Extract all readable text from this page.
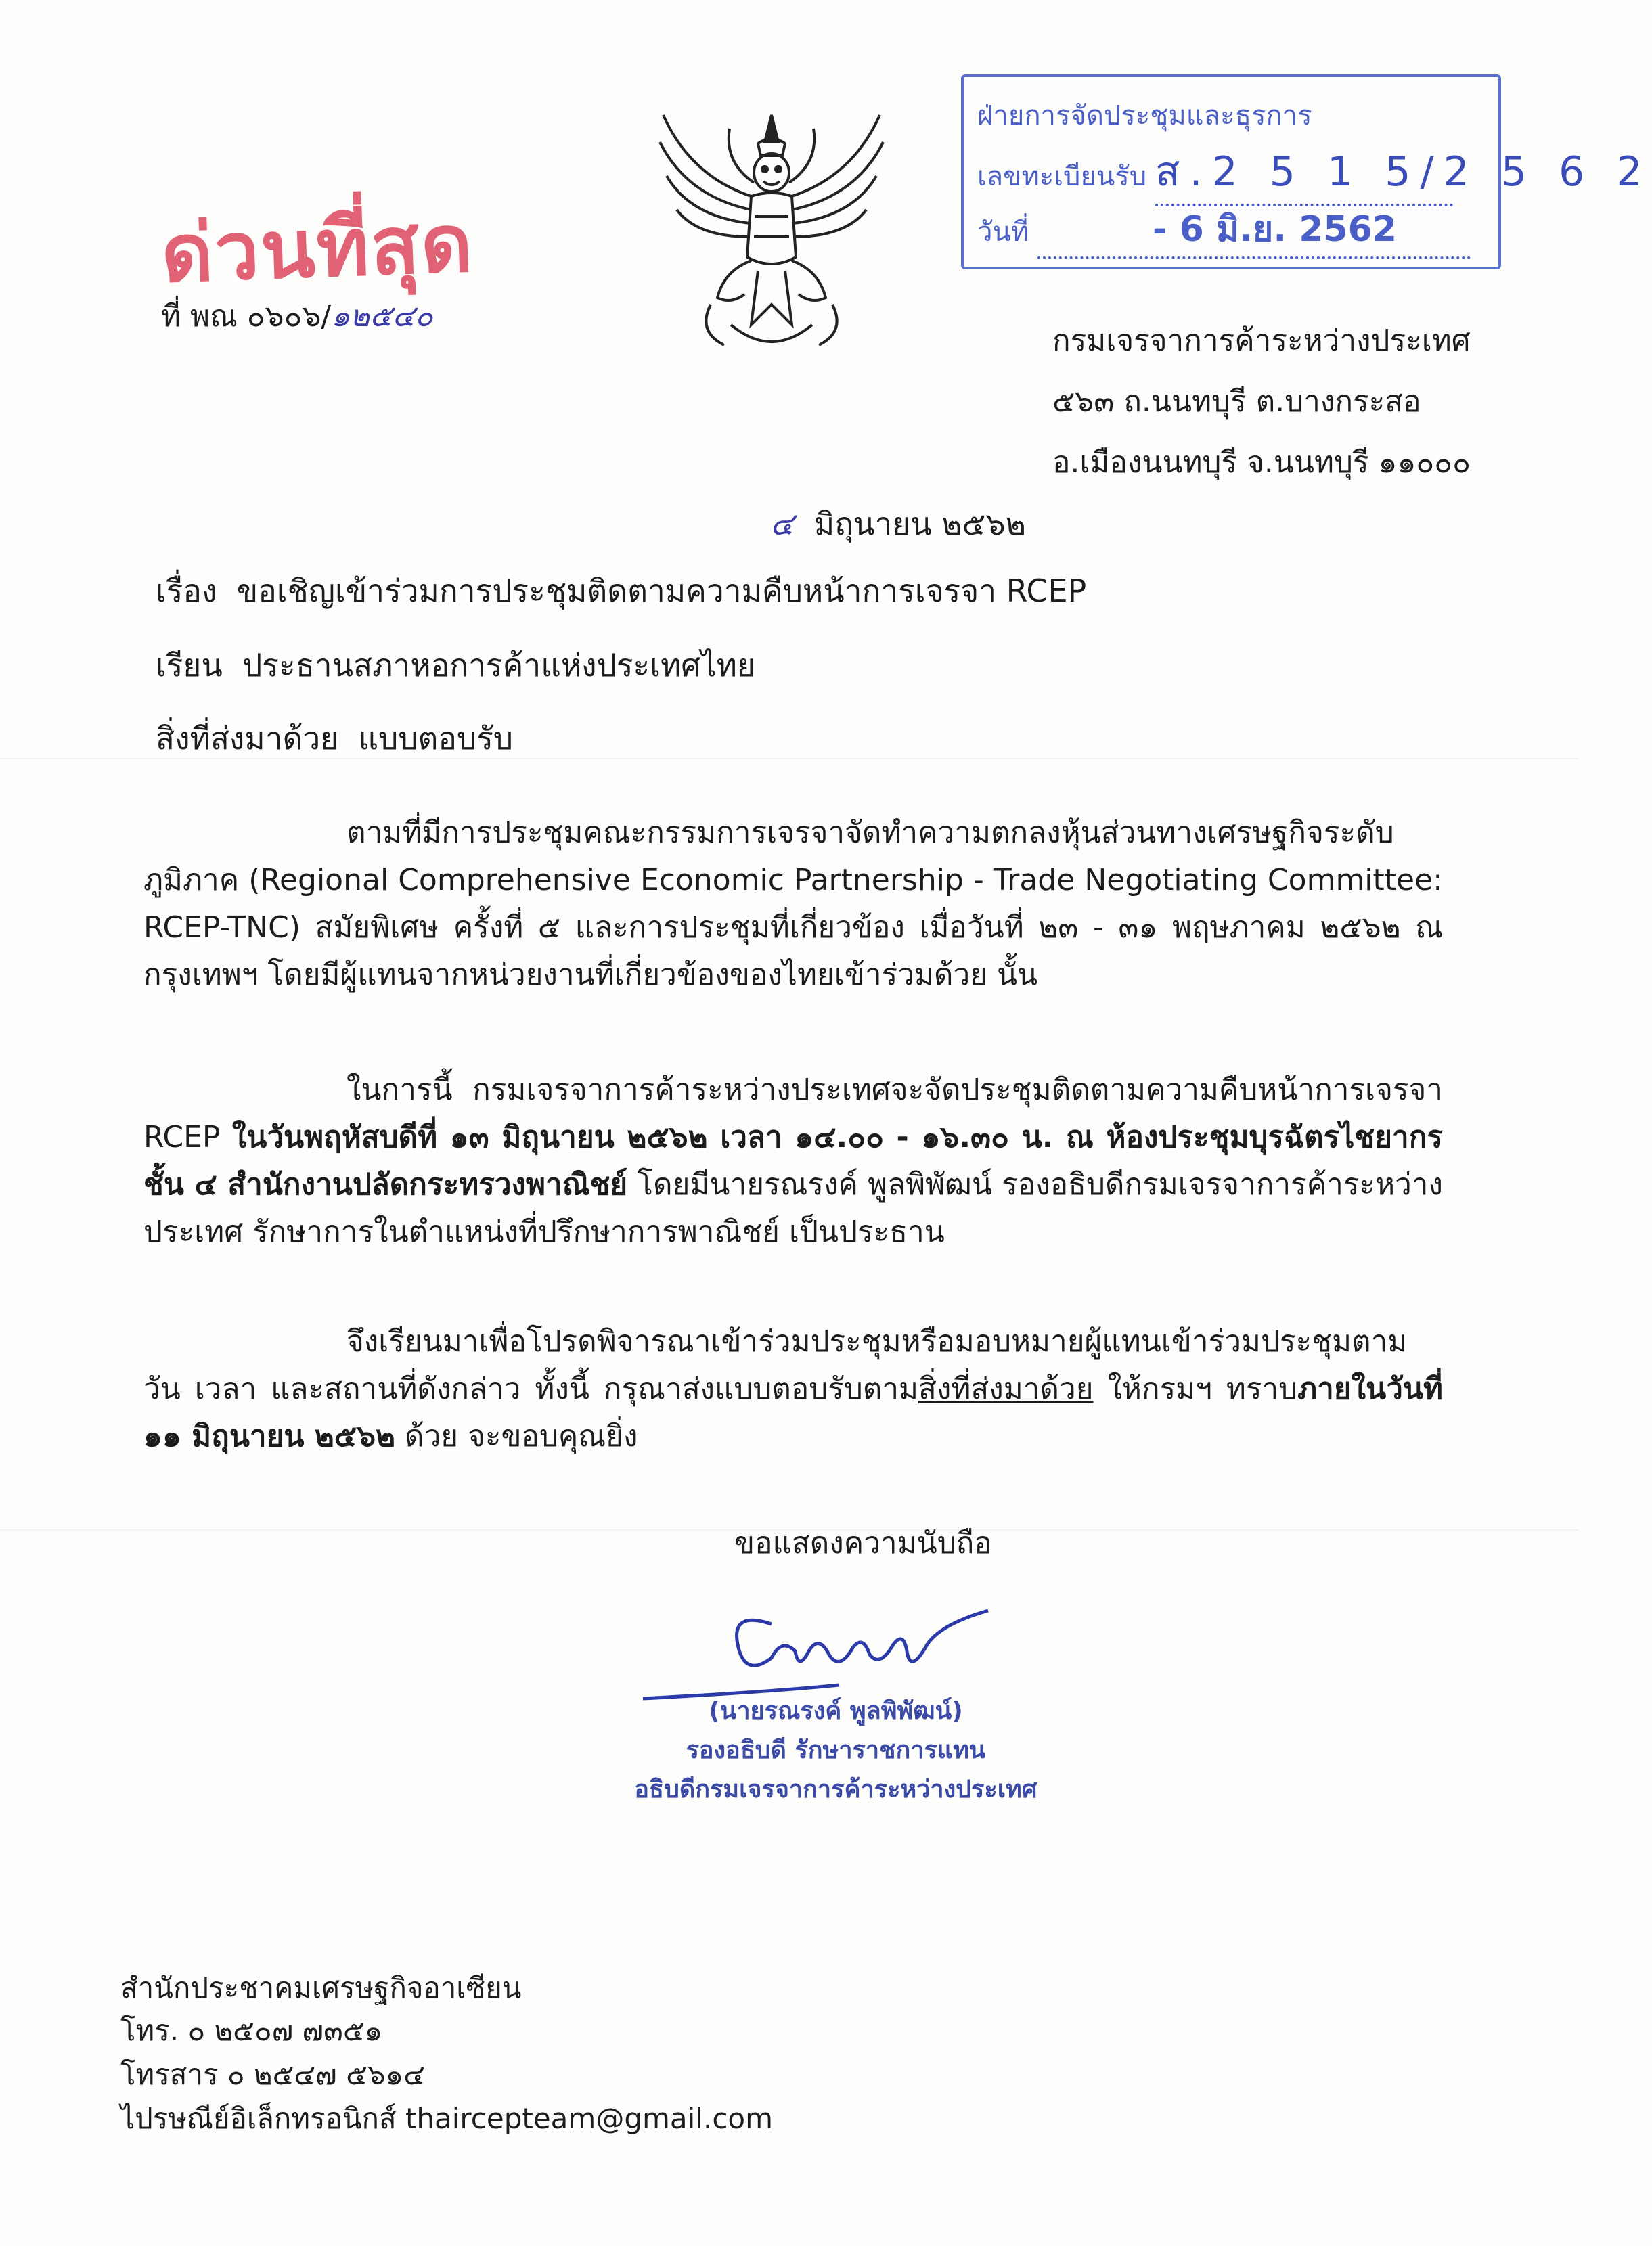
ด่วนที่สุด
ที่ พณ ๐๖๐๖/๑๒๕๔๐
ฝ่ายการจัดประชุมและธุรการ
เลขทะเบียนรับ ส.2 5 1 5/2 5 6 2
วันที่	- 6 มิ.ย. 2562
กรมเจรจาการค้าระหว่างประเทศ
๕๖๓ ถ.นนทบุรี ต.บางกระสอ
อ.เมืองนนทบุรี จ.นนทบุรี ๑๑๐๐๐
๔ มิถุนายน ๒๕๖๒
เรื่อง ขอเชิญเข้าร่วมการประชุมติดตามความคืบหน้าการเจรจา RCEP
เรียน ประธานสภาหอการค้าแห่งประเทศไทย
สิ่งที่ส่งมาด้วย แบบตอบรับ
ตามที่มีการประชุมคณะกรรมการเจรจาจัดทำความตกลงหุ้นส่วนทางเศรษฐกิจระดับภูมิภาค (Regional Comprehensive Economic Partnership - Trade Negotiating Committee: RCEP-TNC) สมัยพิเศษ ครั้งที่ ๕ และการประชุมที่เกี่ยวข้อง เมื่อวันที่ ๒๓ - ๓๑ พฤษภาคม ๒๕๖๒ ณ กรุงเทพฯ โดยมีผู้แทนจากหน่วยงานที่เกี่ยวข้องของไทยเข้าร่วมด้วย นั้น
ในการนี้ กรมเจรจาการค้าระหว่างประเทศจะจัดประชุมติดตามความคืบหน้าการเจรจา RCEP ในวันพฤหัสบดีที่ ๑๓ มิถุนายน ๒๕๖๒ เวลา ๑๔.๐๐ - ๑๖.๓๐ น. ณ ห้องประชุมบุรฉัตรไชยากร ชั้น ๔ สำนักงานปลัดกระทรวงพาณิชย์ โดยมีนายรณรงค์ พูลพิพัฒน์ รองอธิบดีกรมเจรจาการค้าระหว่างประเทศ รักษาการในตำแหน่งที่ปรึกษาการพาณิชย์ เป็นประธาน
จึงเรียนมาเพื่อโปรดพิจารณาเข้าร่วมประชุมหรือมอบหมายผู้แทนเข้าร่วมประชุมตามวัน เวลา และสถานที่ดังกล่าว ทั้งนี้ กรุณาส่งแบบตอบรับตามสิ่งที่ส่งมาด้วย ให้กรมฯ ทราบภายในวันที่ ๑๑ มิถุนายน ๒๕๖๒ ด้วย จะขอบคุณยิ่ง
ขอแสดงความนับถือ
(นายรณรงค์ พูลพิพัฒน์)
รองอธิบดี รักษาราชการแทน
อธิบดีกรมเจรจาการค้าระหว่างประเทศ
สำนักประชาคมเศรษฐกิจอาเซียน
โทร. ๐ ๒๕๐๗ ๗๓๕๑
โทรสาร ๐ ๒๕๔๗ ๕๖๑๔
ไปรษณีย์อิเล็กทรอนิกส์ thaircepteam@gmail.com
